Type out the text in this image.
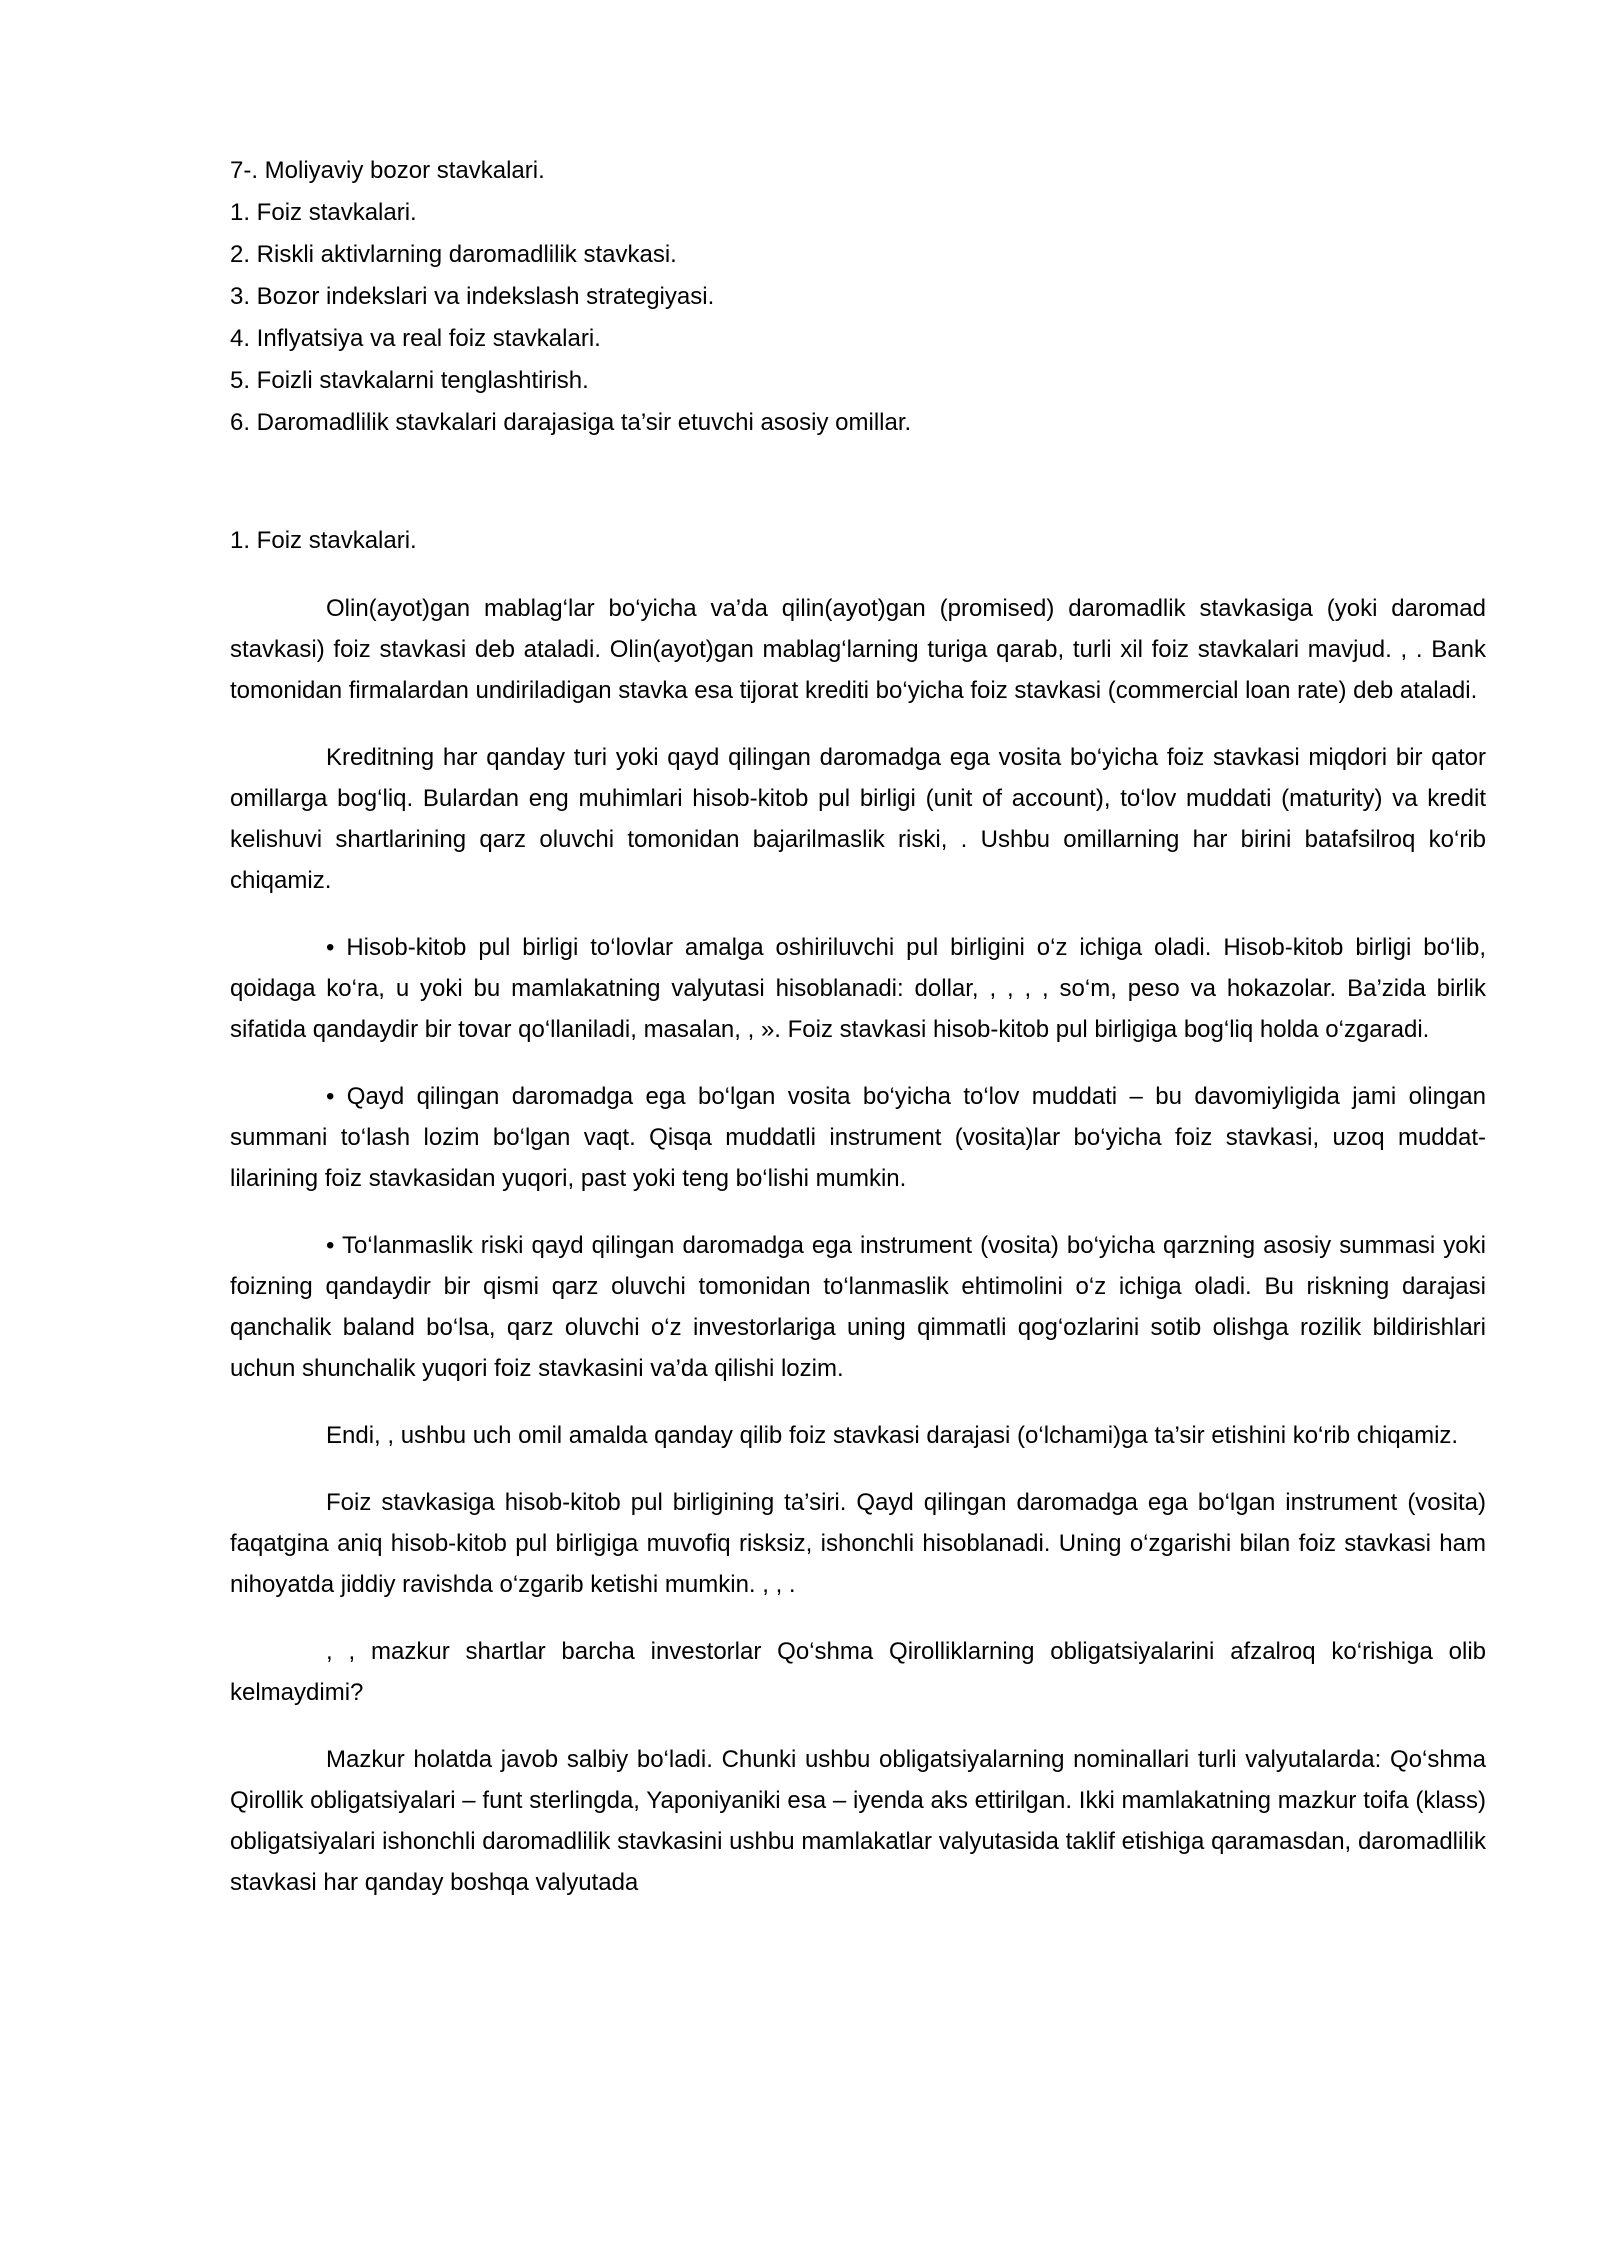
7-. Moliyaviy bozor stavkalari.

1. Foiz stavkalari.

2. Riskli aktivlarning daromadlilik stavkasi.

3. Bozor indekslari va indekslash strategiyasi.

4. Inflyatsiya va real foiz stavkalari.

5. Foizli stavkalarni tenglashtirish.

6. Daromadlilik stavkalari darajasiga ta’sir etuvchi asosiy omillar.

1. Foiz stavkalari.

Olin(ayot)gan mablag‘lar bo‘yicha va’da qilin(ayot)gan (promised) daromadlik stavkasiga (yoki daromad stavkasi) foiz stavkasi deb ataladi. Olin(ayot)gan mablag‘larning turiga qarab, turli xil foiz stavkalari mavjud. , . Bank tomonidan firmalardan undiriladigan stavka esa tijorat krediti bo‘yicha foiz stavkasi (commercial loan rate) deb ataladi.

Kreditning har qanday turi yoki qayd qilingan daromadga ega vosita bo‘yicha foiz stavkasi miqdori bir qator omillarga bog‘liq. Bulardan eng muhimlari hisob-kitob pul birligi (unit of account), to‘lov muddati (maturity) va kredit kelishuvi shartlarining qarz oluvchi tomonidan bajarilmaslik riski, . Ushbu omillarning har birini batafsilroq ko‘rib chiqamiz.

• Hisob-kitob pul birligi to‘lovlar amalga oshiriluvchi pul birligini o‘z ichiga oladi. Hisob-kitob birligi bo‘lib, qoidaga ko‘ra, u yoki bu mamlakatning valyutasi hisoblanadi: dollar, , , , , so‘m, peso va hokazolar. Ba’zida birlik sifatida qandaydir bir tovar qo‘llaniladi, masalan, , ». Foiz stavkasi hisob-kitob pul birligiga bog‘liq holda o‘zgaradi.

• Qayd qilingan daromadga ega bo‘lgan vosita bo‘yicha to‘lov muddati – bu davomiyligida jami olingan summani to‘lash lozim bo‘lgan vaqt. Qisqa muddatli instrument (vosita)lar bo‘yicha foiz stavkasi, uzoq muddat-lilarining foiz stavkasidan yuqori, past yoki teng bo‘lishi mumkin.

• To‘lanmaslik riski qayd qilingan daromadga ega instrument (vosita) bo‘yicha qarzning asosiy summasi yoki foizning qandaydir bir qismi qarz oluvchi tomonidan to‘lanmaslik ehtimolini o‘z ichiga oladi. Bu riskning darajasi qanchalik baland bo‘lsa, qarz oluvchi o‘z investorlariga uning qimmatli qog‘ozlarini sotib olishga rozilik bildirishlari uchun shunchalik yuqori foiz stavkasini va’da qilishi lozim.

Endi, , ushbu uch omil amalda qanday qilib foiz stavkasi darajasi (o‘lchami)ga ta’sir etishini ko‘rib chiqamiz.

Foiz stavkasiga hisob-kitob pul birligining ta’siri. Qayd qilingan daromadga ega bo‘lgan instrument (vosita) faqatgina aniq hisob-kitob pul birligiga muvofiq risksiz, ishonchli hisoblanadi. Uning o‘zgarishi bilan foiz stavkasi ham nihoyatda jiddiy ravishda o‘zgarib ketishi mumkin. , , .

, , mazkur shartlar barcha investorlar Qo‘shma Qirolliklarning obligatsiyalarini afzalroq ko‘rishiga olib kelmaydimi?

Mazkur holatda javob salbiy bo‘ladi. Chunki ushbu obligatsiyalarning nominallari turli valyutalarda: Qo‘shma Qirollik obligatsiyalari – funt sterlingda, Yaponiyaniki esa – iyenda aks ettirilgan. Ikki mamlakatning mazkur toifa (klass) obligatsiyalari ishonchli daromadlilik stavkasini ushbu mamlakatlar valyutasida taklif etishiga qaramasdan, daromadlilik stavkasi har qanday boshqa valyutada
